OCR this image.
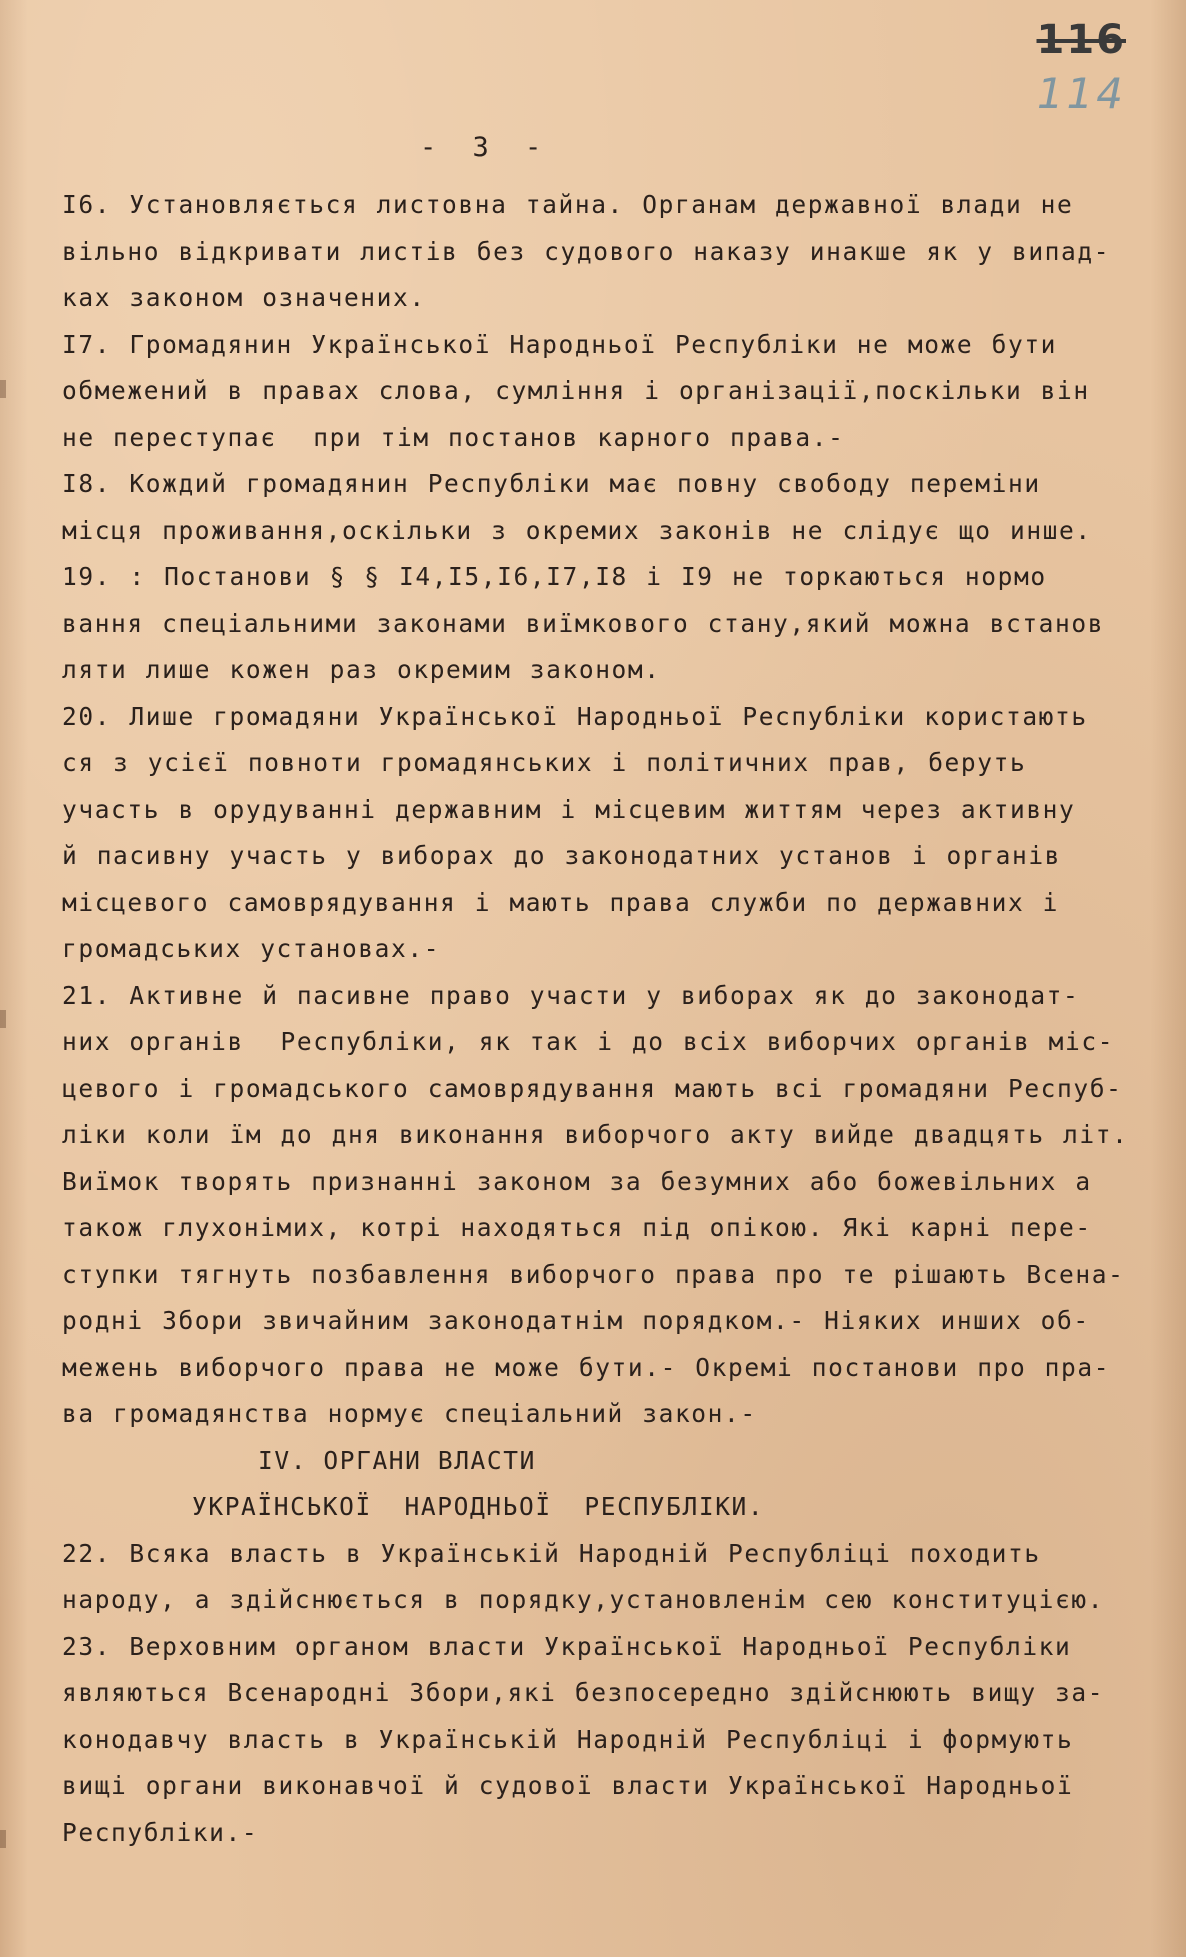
116
114
- 3 -
I6. Установляється листовна тайна. Органам державної влади не
вільно відкривати листів без судового наказу инакше як у випад-
ках законом означених.
I7. Громадянин Української Народньої Республіки не може бути
обмежений в правах слова, сумління і організації,поскільки він
не переступає  при тім постанов карного права.-
I8. Кождий громадянин Республіки має повну свободу переміни
місця проживання,оскільки з окремих законів не слідує що инше.
19. : Постанови § § I4,I5,I6,I7,I8 і I9 не торкаються нормо
вання спеціальними законами виїмкового стану,який можна встанов
ляти лише кожен раз окремим законом.
20. Лише громадяни Української Народньої Республіки користають
ся з усієї повноти громадянських і політичних прав, беруть
участь в орудуванні державним і місцевим життям через активну
й пасивну участь у виборах до законодатних установ і органів
місцевого самоврядування і мають права служби по державних і
громадських установах.-
21. Активне й пасивне право участи у виборах як до законодат-
них органів  Республіки, як так і до всіх виборчих органів міс-
цевого і громадського самоврядування мають всі громадяни Респуб-
ліки коли їм до дня виконання виборчого акту вийде двадцять літ.
Виїмок творять признанні законом за безумних або божевільних а
також глухонімих, котрі находяться під опікою. Які карні пере-
ступки тягнуть позбавлення виборчого права про те рішають Всена-
родні Збори звичайним законодатнім порядком.- Ніяких инших об-
межень виборчого права не може бути.- Окремі постанови про пра-
ва громадянства нормує спеціальний закон.-
IV. ОРГАНИ ВЛАСТИ
УКРАЇНСЬКОЇ  НАРОДНЬОЇ  РЕСПУБЛІКИ.
22. Всяка власть в Українській Народній Республіці походить
народу, а здійснюється в порядку,установленім сею конституцією.
23. Верховним органом власти Української Народньої Республіки
являються Всенародні Збори,які безпосередно здійснюють вищу за-
конодавчу власть в Українській Народній Республіці і формують
вищі органи виконавчої й судової власти Української Народньої
Республіки.-
